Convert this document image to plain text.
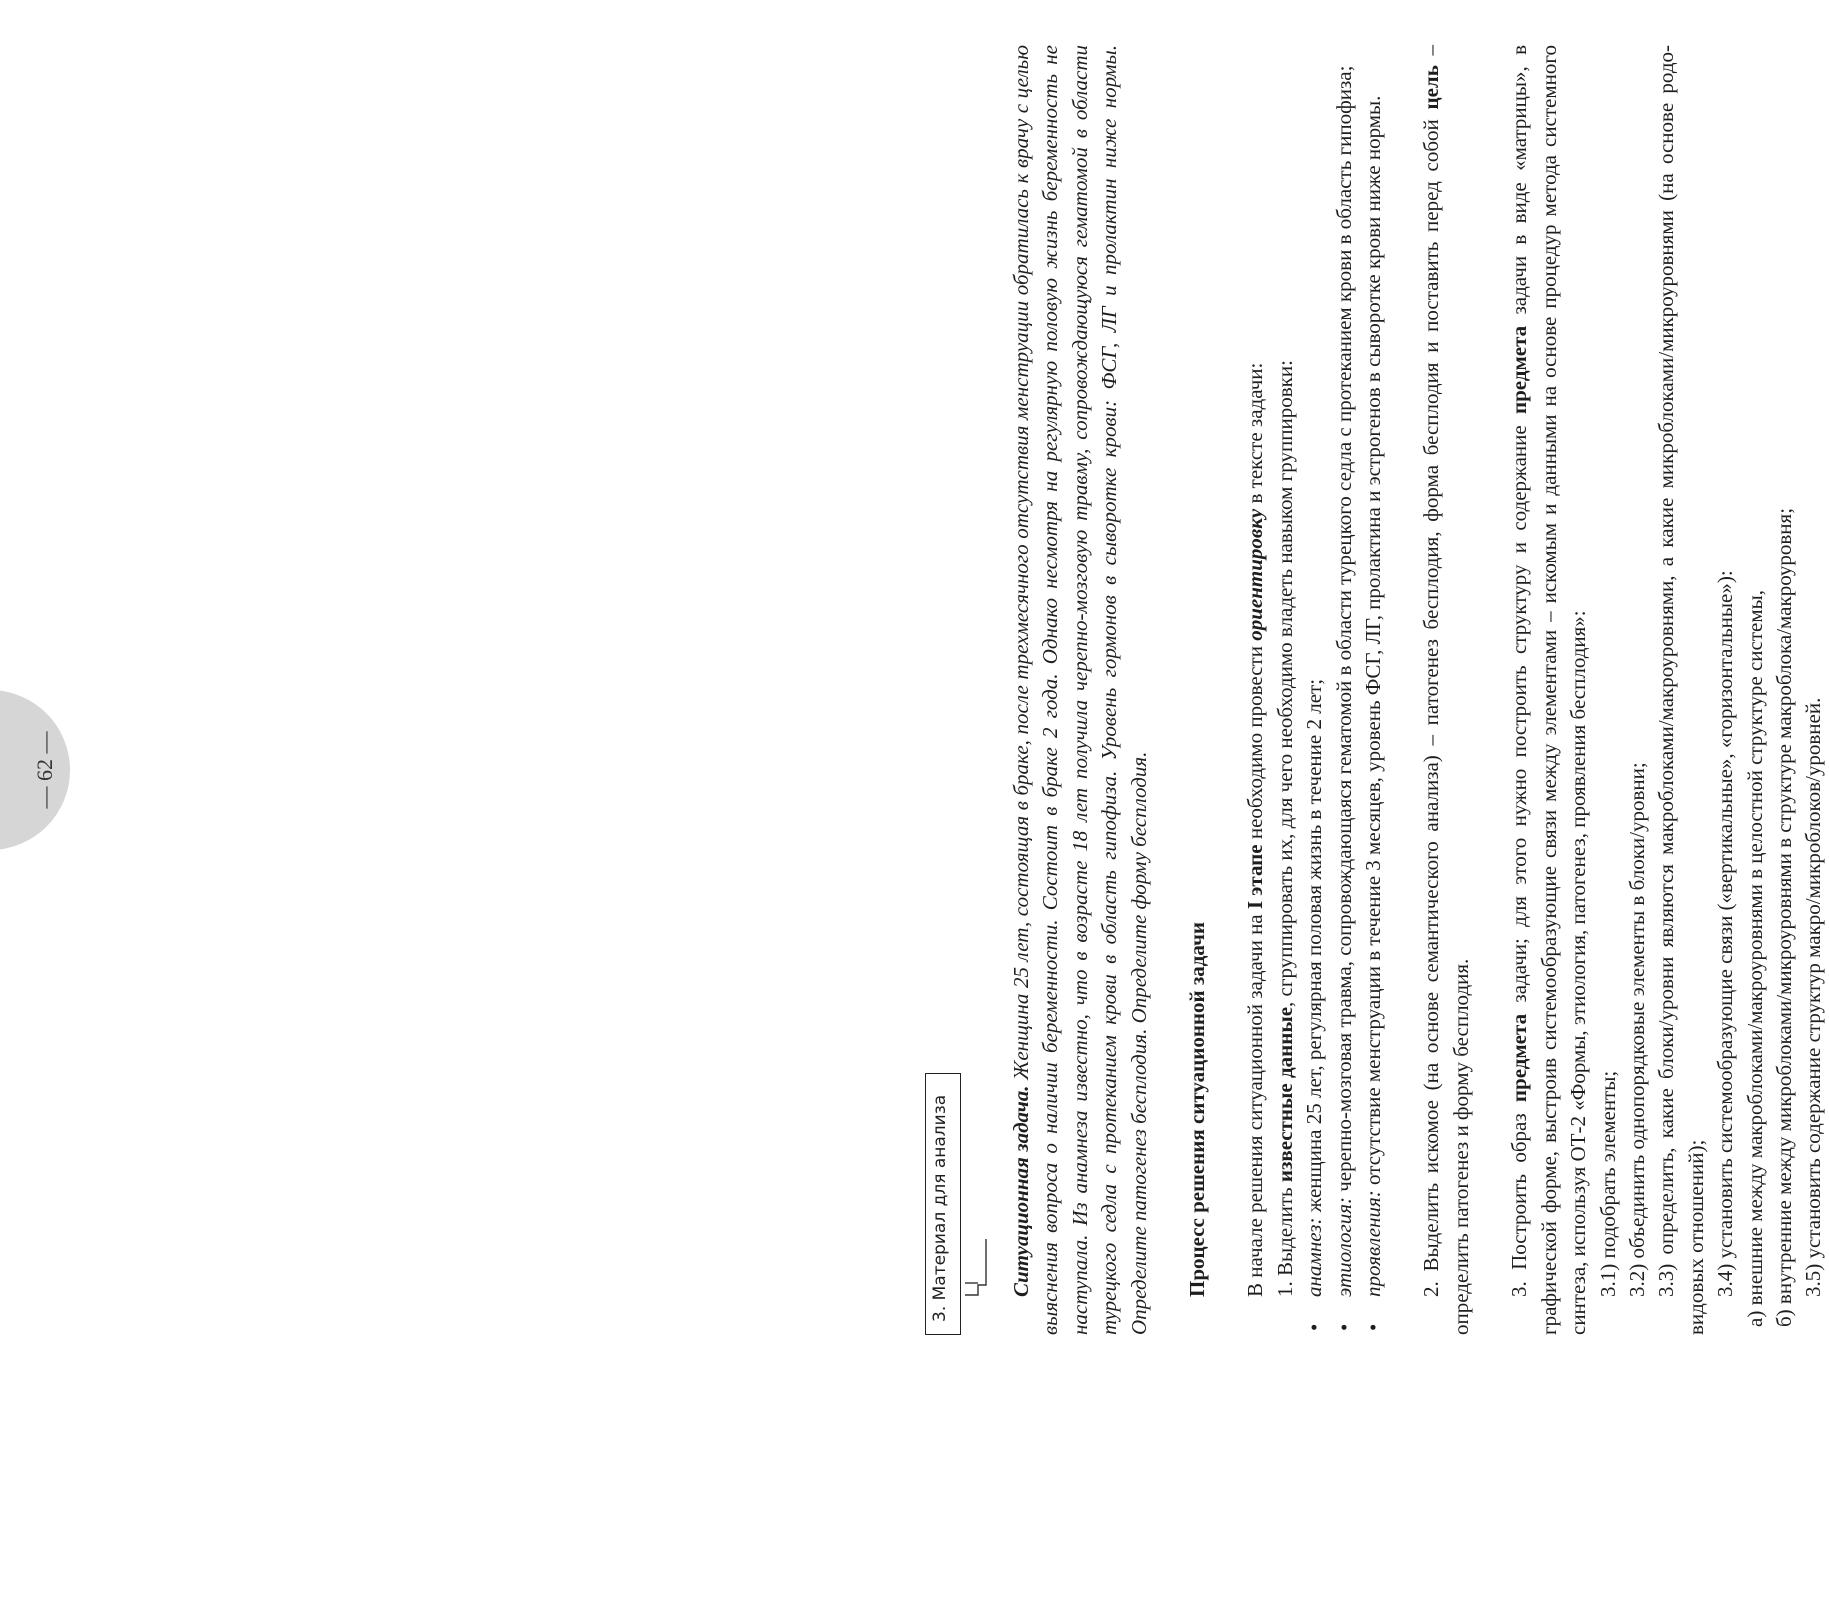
— 62 —
3. Материал для анализа	Ситуационная задача. Женщина 25 лет, состоящая в браке, после трехмесячного отсутствия менструации обратилась к врачу с целью выяснения вопроса о наличии беременности. Состоит в браке 2 года. Однако несмотря на регулярную половую жизнь беременность не наступала. Из анамнеза известно, что в возрасте 18 лет получила черепно-мозговую травму, сопровождающуюся гематомой в области турецкого седла с протеканием крови в область гипофиза. Уровень гормонов в сыворотке крови: ФСГ, ЛГ и пролактин ниже нормы. Определите патогенез бесплодия. Определите форму бесплодия. Процесс решения ситуационной задачи В начале решения ситуационной задачи на I этапе необходимо провести ориентировку в тексте задачи:

1. Выделить известные данные, сгруппировать их, для чего необходимо владеть навыком группировки:

• анамнез: женщина 25 лет, регулярная половая жизнь в течение 2 лет;
• этиология: черепно-мозговая травма, сопровождающаяся гематомой в области турецкого седла с протеканием крови в область гипофиза;
• проявления: отсутствие менструации в течение 3 месяцев, уровень ФСГ, ЛГ, пролактина и эстрогенов в сыворотке крови ниже нормы. 2. Выделить искомое (на основе семантического анализа) – патогенез бесплодия, форма бесплодия и поставить перед собой цель – определить патогенез и форму бесплодия. 3. Построить образ предмета задачи; для этого нужно построить структуру и содержание предмета задачи в виде «матрицы», в графической форме, выстроив системообразующие связи между элементами – искомым и данными на основе процедур метода системного синтеза, используя ОТ-2 «Формы, этиология, патогенез, проявления бесплодия»: 3.1) подобрать элементы; 3.2) объединить однопорядковые элементы в блоки/уровни; 3.3) определить, какие блоки/уровни являются макроблоками/макроуровнями, а какие микроблоками/микроуровнями (на основе родо-видовых отношений); 3.4) установить системообразующие связи («вертикальные», «горизонтальные»): а) внешние между макроблоками/макроуровнями в целостной структуре системы, б) внутренние между микроблоками/микроуровнями в структуре макроблока/макроуровня; 3.5) установить содержание структур макро/микроблоков/уровней.
